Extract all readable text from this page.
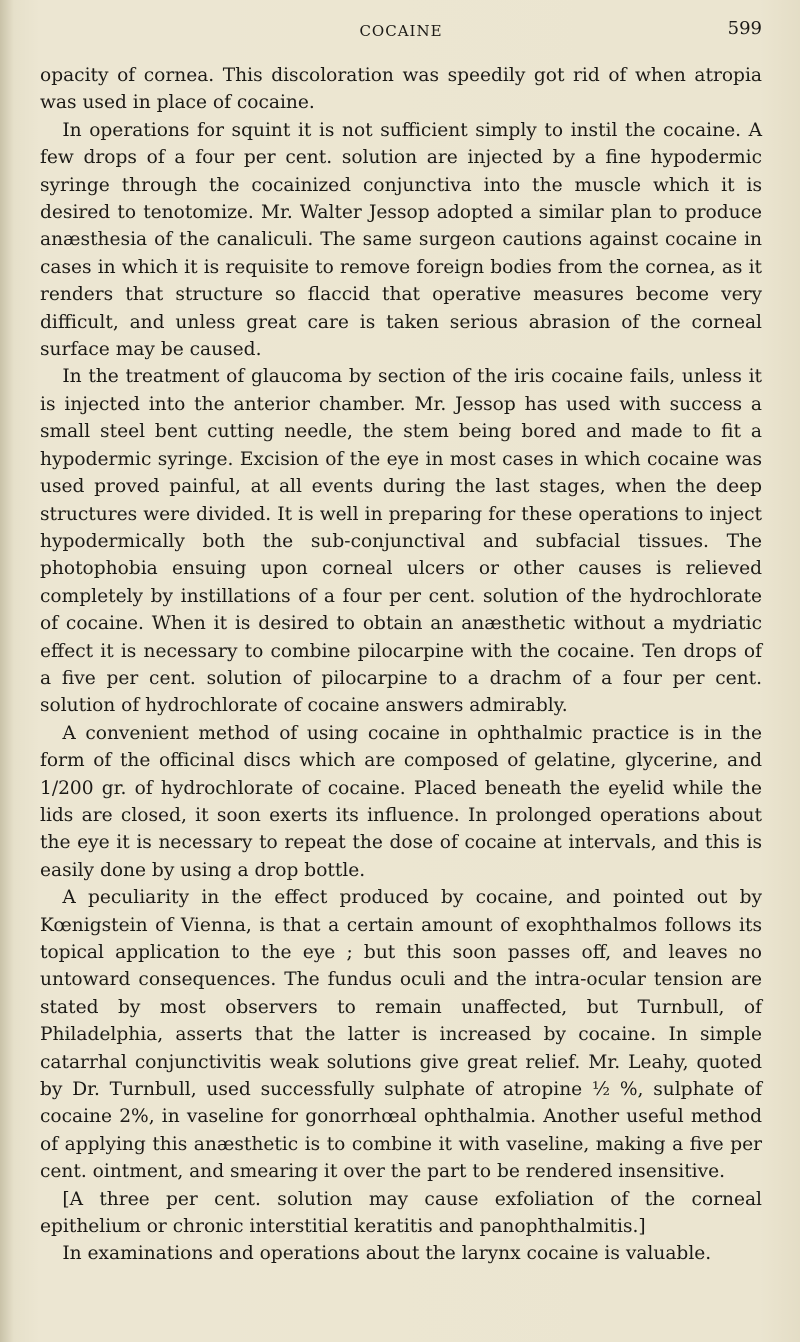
COCAINE	599

opacity of cornea. This discoloration was speedily got rid of when atropia was used in place of cocaine.

In operations for squint it is not sufficient simply to instil the cocaine. A few drops of a four per cent. solution are injected by a fine hypodermic syringe through the cocainized conjunctiva into the muscle which it is desired to tenotomize. Mr. Walter Jessop adopted a similar plan to produce anæsthesia of the canaliculi. The same surgeon cautions against cocaine in cases in which it is requisite to remove foreign bodies from the cornea, as it renders that structure so flaccid that operative measures become very difficult, and unless great care is taken serious abrasion of the corneal surface may be caused.

In the treatment of glaucoma by section of the iris cocaine fails, unless it is injected into the anterior chamber. Mr. Jessop has used with success a small steel bent cutting needle, the stem being bored and made to fit a hypodermic syringe. Excision of the eye in most cases in which cocaine was used proved painful, at all events during the last stages, when the deep structures were divided. It is well in preparing for these operations to inject hypodermically both the sub-conjunctival and subfacial tissues. The photophobia ensuing upon corneal ulcers or other causes is relieved completely by instillations of a four per cent. solution of the hydrochlorate of cocaine. When it is desired to obtain an anæsthetic without a mydriatic effect it is necessary to combine pilocarpine with the cocaine. Ten drops of a five per cent. solution of pilocarpine to a drachm of a four per cent. solution of hydrochlorate of cocaine answers admirably.

A convenient method of using cocaine in ophthalmic practice is in the form of the officinal discs which are composed of gelatine, glycerine, and 1/200 gr. of hydrochlorate of cocaine. Placed beneath the eyelid while the lids are closed, it soon exerts its influence. In prolonged operations about the eye it is necessary to repeat the dose of cocaine at intervals, and this is easily done by using a drop bottle.

A peculiarity in the effect produced by cocaine, and pointed out by Kœnigstein of Vienna, is that a certain amount of exophthalmos follows its topical application to the eye ; but this soon passes off, and leaves no untoward consequences. The fundus oculi and the intra-ocular tension are stated by most observers to remain unaffected, but Turnbull, of Philadelphia, asserts that the latter is increased by cocaine. In simple catarrhal conjunctivitis weak solutions give great relief. Mr. Leahy, quoted by Dr. Turnbull, used successfully sulphate of atropine ½ %, sulphate of cocaine 2%, in vaseline for gonorrhœal ophthalmia. Another useful method of applying this anæsthetic is to combine it with vaseline, making a five per cent. ointment, and smearing it over the part to be rendered insensitive.

[A three per cent. solution may cause exfoliation of the corneal epithelium or chronic interstitial keratitis and panophthalmitis.]

In examinations and operations about the larynx cocaine is valuable.
